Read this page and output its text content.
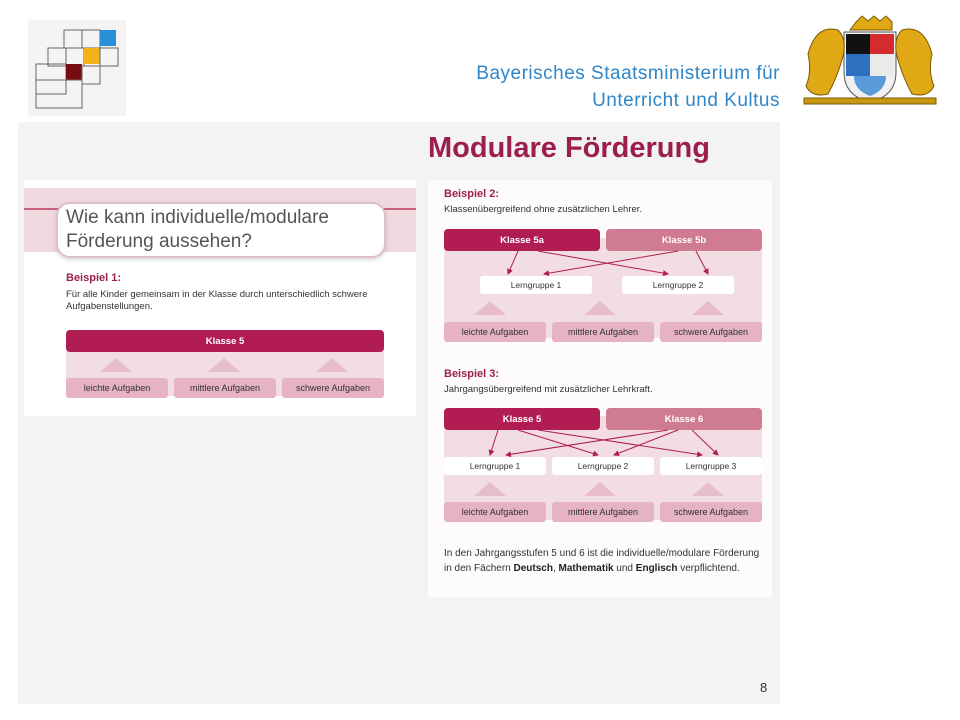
Bayerisches Staatsministerium für
Unterricht und Kultus
Modulare Förderung
Wie kann individuelle/modulare Förderung aussehen?
Beispiel 1:
Für alle Kinder gemeinsam in der Klasse durch unterschiedlich schwere Aufgabenstellungen.
Klasse 5
leichte Aufgaben	mittlere Aufgaben	schwere Aufgaben
Beispiel 2:
Klassenübergreifend ohne zusätzlichen Lehrer.
Klasse 5a	Klasse 5b
Lerngruppe 1	Lerngruppe 2
leichte Aufgaben	mittlere Aufgaben	schwere Aufgaben
Beispiel 3:
Jahrgangsübergreifend mit zusätzlicher Lehrkraft.
Klasse 5	Klasse 6
Lerngruppe 1	Lerngruppe 2	Lerngruppe 3
leichte Aufgaben	mittlere Aufgaben	schwere Aufgaben
In den Jahrgangsstufen 5 und 6 ist die individuelle/modulare Förderung in den Fächern Deutsch, Mathematik und Englisch verpflichtend.
8
